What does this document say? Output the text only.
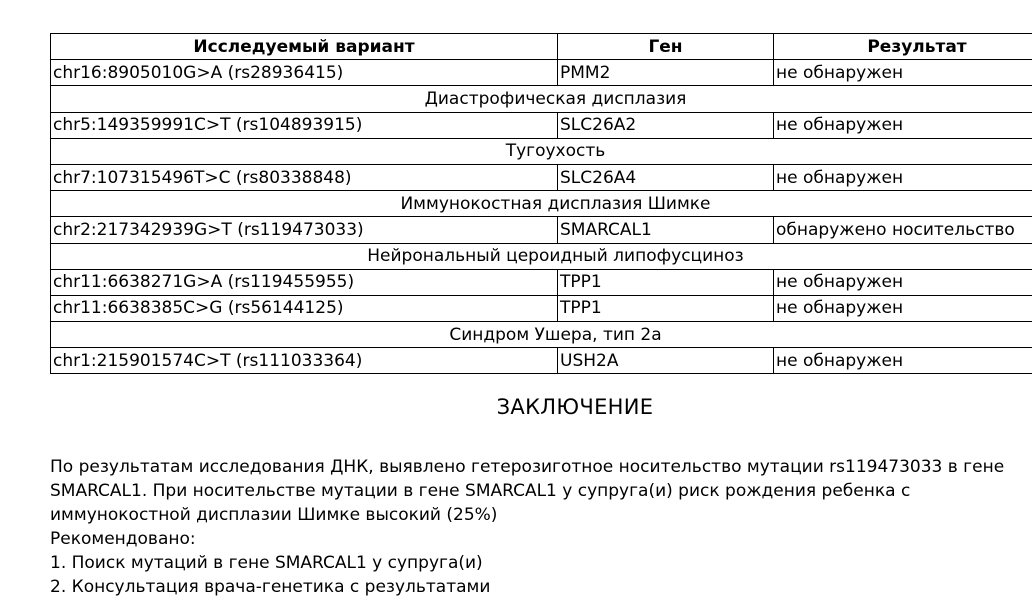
Исследуемый вариант	Ген	Результат
chr16:8905010G>A (rs28936415)	PMM2	не обнаружен
Диастрофическая дисплазия		
chr5:149359991C>T (rs104893915)	SLC26A2	не обнаружен
Тугоухость		
chr7:107315496T>C (rs80338848)	SLC26A4	не обнаружен
Иммунокостная дисплазия Шимке		
chr2:217342939G>T (rs119473033)	SMARCAL1	обнаружено носительство
Нейрональный цероидный липофусциноз		
chr11:6638271G>A (rs119455955)	TPP1	не обнаружен
chr11:6638385C>G (rs56144125)	TPP1	не обнаружен
Синдром Ушера, тип 2а		
chr1:215901574C>T (rs111033364)	USH2A	не обнаружен
ЗАКЛЮЧЕНИЕ

По результатам исследования ДНК, выявлено гетерозиготное носительство мутации rs119473033 в гене

SMARCAL1. При носительстве мутации в гене SMARCAL1 у супруга(и) риск рождения ребенка с

иммунокостной дисплазии Шимке высокий (25%)

Рекомендовано:

1. Поиск мутаций в гене SMARCAL1 у супруга(и)

2. Консультация врача-генетика с результатами
